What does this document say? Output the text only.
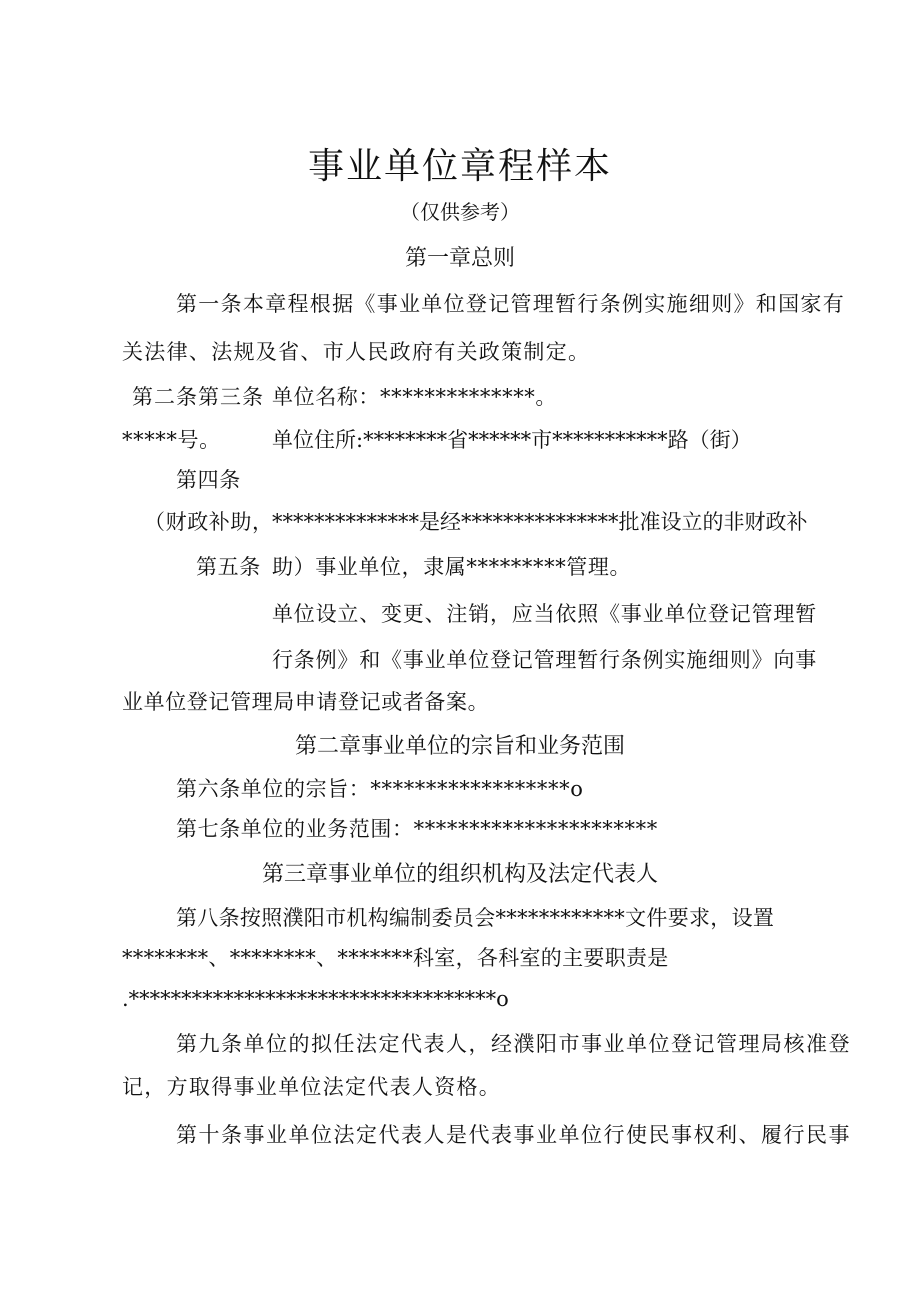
事业单位章程样本
（仅供参考）
第一章总则
第一条本章程根据《事业单位登记管理暂行条例实施细则》和国家有
关法律、法规及省、市人民政府有关政策制定。
第二条第三条 单位名称：**************。
*****号。 单位住所:********省******市***********路（街）
第四条
（财政补助，
**************是经***************批准设立的非财政补
第五条 助）事业单位，隶属*********管理。
单位设立、变更、注销，应当依照《事业单位登记管理暂
行条例》和《事业单位登记管理暂行条例实施细则》向事
业单位登记管理局申请登记或者备案。
第二章事业单位的宗旨和业务范围
第六条单位的宗旨：******************o
第七条单位的业务范围：**********************
第三章事业单位的组织机构及法定代表人
第八条按照濮阳市机构编制委员会************文件要求，设置
********、********、*******科室，各科室的主要职责是
.***********************************o
第九条单位的拟任法定代表人，经濮阳市事业单位登记管理局核准登
记，方取得事业单位法定代表人资格。
第十条事业单位法定代表人是代表事业单位行使民事权利、履行民事
